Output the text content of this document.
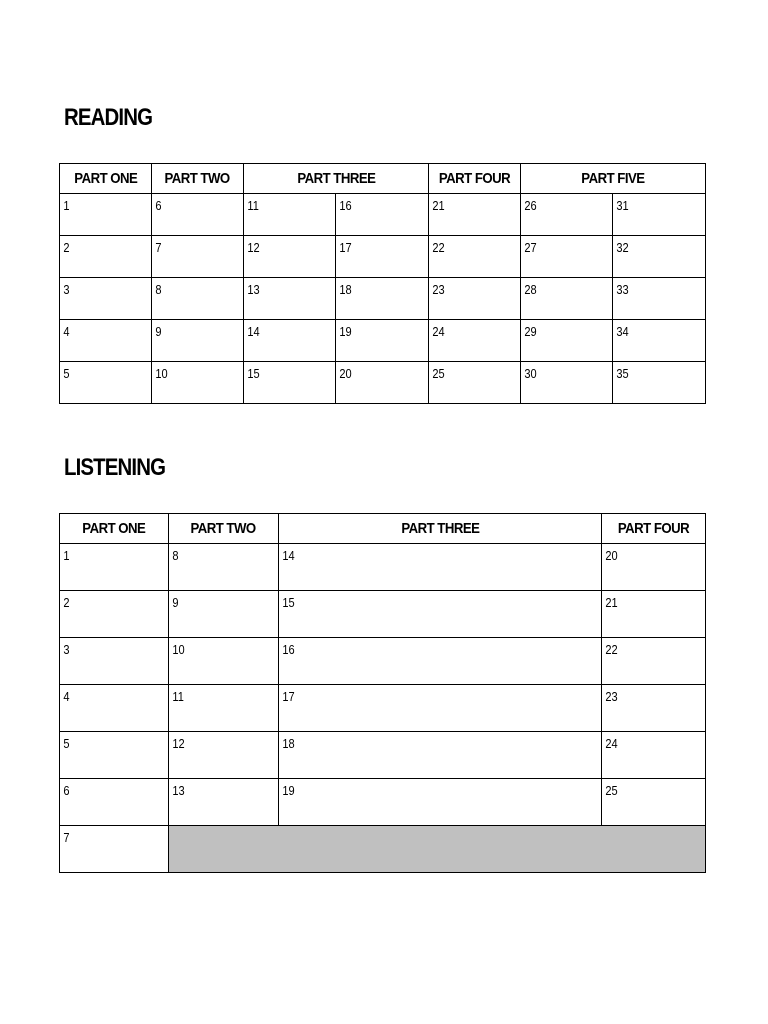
READING
PART ONE	PART TWO	PART THREE		PART FOUR	PART FIVE	
1	6	11	16	21	26	31
2	7	12	17	22	27	32
3	8	13	18	23	28	33
4	9	14	19	24	29	34
5	10	15	20	25	30	35
LISTENING
PART ONE	PART TWO	PART THREE	PART FOUR
1	8	14	20
2	9	15	21
3	10	16	22
4	11	17	23
5	12	18	24
6	13	19	25
7			
